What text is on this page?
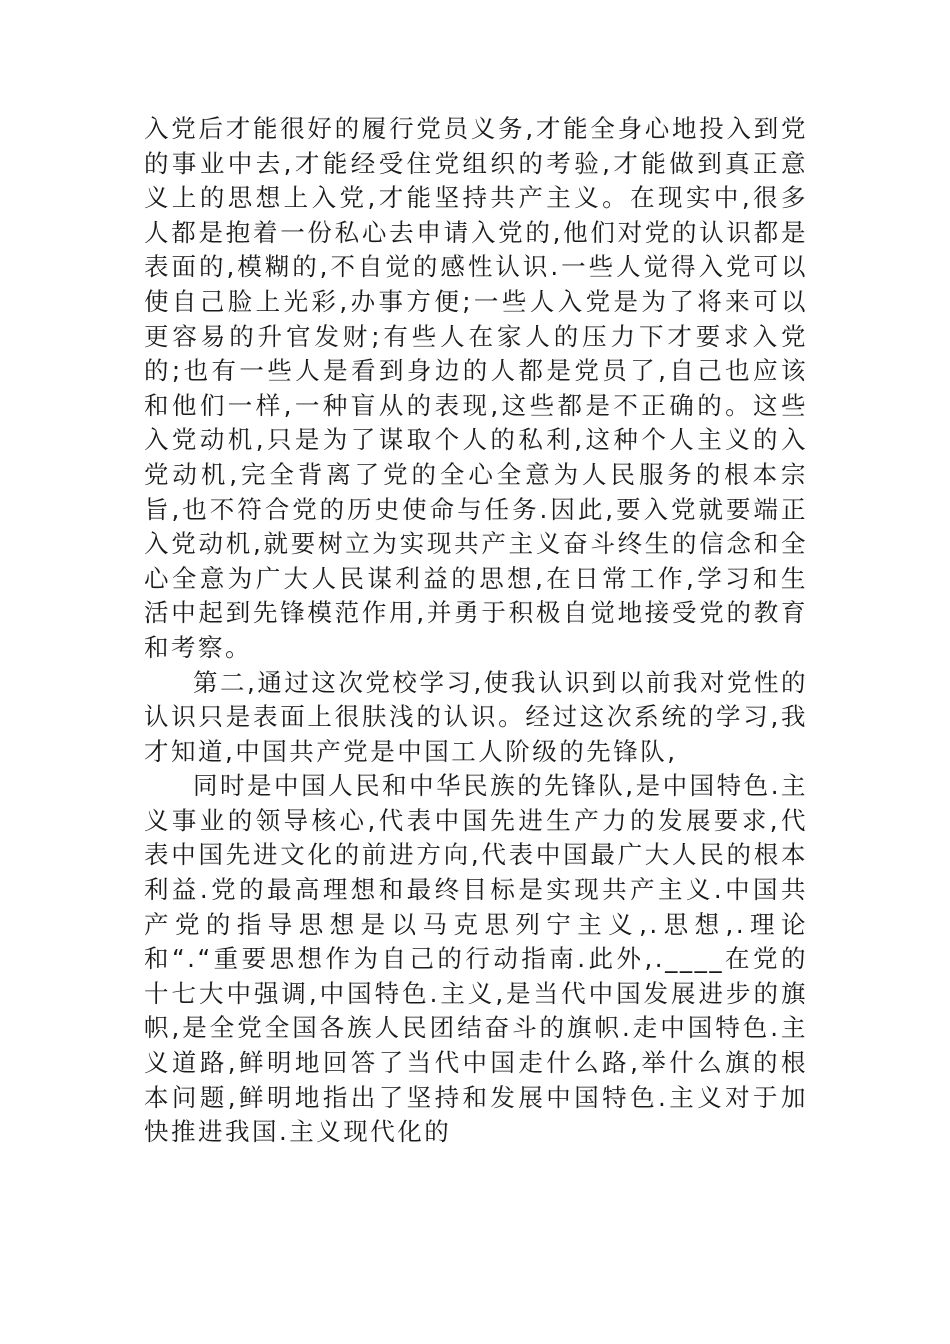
入党后才能很好的履行党员义务,才能全身心地投入到党的事业中去,才能经受住党组织的考验,才能做到真正意义上的思想上入党,才能坚持共产主义。在现实中,很多人都是抱着一份私心去申请入党的,他们对党的认识都是表面的,模糊的,不自觉的感性认识.一些人觉得入党可以使自己脸上光彩,办事方便;一些人入党是为了将来可以更容易的升官发财;有些人在家人的压力下才要求入党的;也有一些人是看到身边的人都是党员了,自己也应该和他们一样,一种盲从的表现,这些都是不正确的。这些入党动机,只是为了谋取个人的私利,这种个人主义的入党动机,完全背离了党的全心全意为人民服务的根本宗旨,也不符合党的历史使命与任务.因此,要入党就要端正入党动机,就要树立为实现共产主义奋斗终生的信念和全心全意为广大人民谋利益的思想,在日常工作,学习和生活中起到先锋模范作用,并勇于积极自觉地接受党的教育和考察。

第二,通过这次党校学习,使我认识到以前我对党性的认识只是表面上很肤浅的认识。经过这次系统的学习,我才知道,中国共产党是中国工人阶级的先锋队,

同时是中国人民和中华民族的先锋队,是中国特色.主义事业的领导核心,代表中国先进生产力的发展要求,代表中国先进文化的前进方向,代表中国最广大人民的根本利益.党的最高理想和最终目标是实现共产主义.中国共产党的指导思想是以马克思列宁主义,.思想,.理论和“.“重要思想作为自己的行动指南.此外,.____在党的十七大中强调,中国特色.主义,是当代中国发展进步的旗帜,是全党全国各族人民团结奋斗的旗帜.走中国特色.主义道路,鲜明地回答了当代中国走什么路,举什么旗的根本问题,鲜明地指出了坚持和发展中国特色.主义对于加快推进我国.主义现代化的
